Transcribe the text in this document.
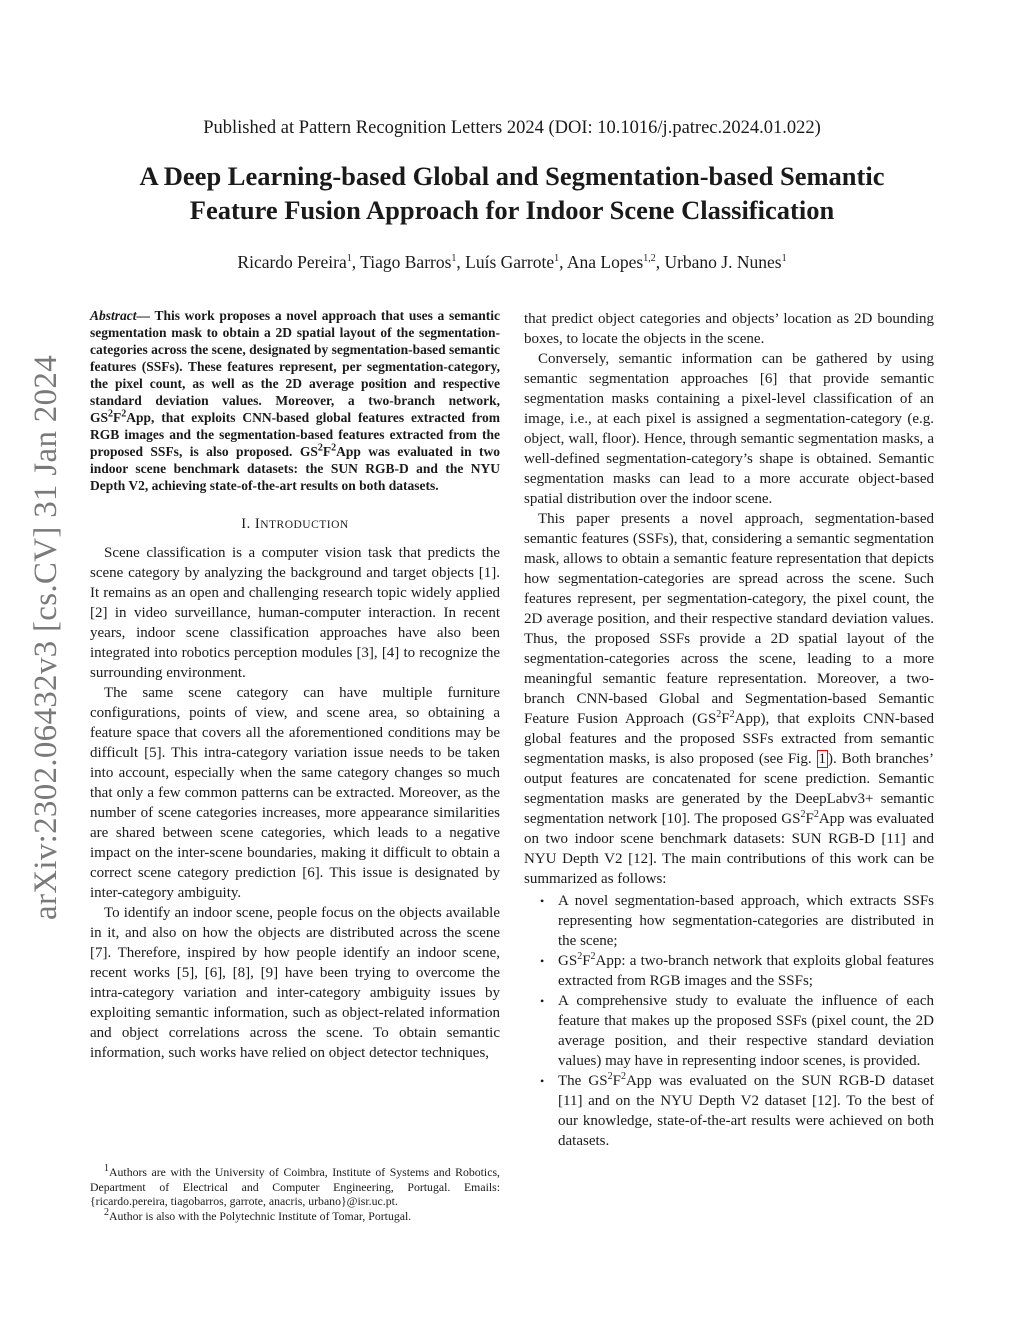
Published at Pattern Recognition Letters 2024 (DOI: 10.1016/j.patrec.2024.01.022)
A Deep Learning-based Global and Segmentation-based Semantic
Feature Fusion Approach for Indoor Scene Classification
Ricardo Pereira$^1$, Tiago Barros$^1$, Luís Garrote$^1$, Ana Lopes$^{1,2}$, Urbano J. Nunes$^1$
arXiv:2302.06432v3 [cs.CV] 31 Jan 2024

Abstract— This work proposes a novel approach that uses a semantic segmentation mask to obtain a 2D spatial layout of the segmentation-categories across the scene, designated by segmentation-based semantic features (SSFs). These features represent, per segmentation-category, the pixel count, as well as the 2D average position and respective standard deviation values. Moreover, a two-branch network, $GS^2F^2App$, that exploits CNN-based global features extracted from RGB images and the segmentation-based features extracted from the proposed SSFs, is also proposed. $GS^2F^2App$ was evaluated in two indoor scene benchmark datasets: the SUN RGB-D and the NYU Depth V2, achieving state-of-the-art results on both datasets.

I. INTRODUCTION

Scene classification is a computer vision task that predicts the scene category by analyzing the background and target objects [1]. It remains as an open and challenging research topic widely applied [2] in video surveillance, human-computer interaction. In recent years, indoor scene classification approaches have also been integrated into robotics perception modules [3], [4] to recognize the surrounding environment.

The same scene category can have multiple furniture configurations, points of view, and scene area, so obtaining a feature space that covers all the aforementioned conditions may be difficult [5]. This intra-category variation issue needs to be taken into account, especially when the same category changes so much that only a few common patterns can be extracted. Moreover, as the number of scene categories increases, more appearance similarities are shared between scene categories, which leads to a negative impact on the inter-scene boundaries, making it difficult to obtain a correct scene category prediction [6]. This issue is designated by inter-category ambiguity.

To identify an indoor scene, people focus on the objects available in it, and also on how the objects are distributed across the scene [7]. Therefore, inspired by how people identify an indoor scene, recent works [5], [6], [8], [9] have been trying to overcome the intra-category variation and inter-category ambiguity issues by exploiting semantic information, such as object-related information and object correlations across the scene. To obtain semantic information, such works have relied on object detector techniques,

$^1$Authors are with the University of Coimbra, Institute of Systems and Robotics, Department of Electrical and Computer Engineering, Portugal. Emails: {ricardo.pereira, tiagobarros, garrote, anacris, urbano}@isr.uc.pt.

$^2$Author is also with the Polytechnic Institute of Tomar, Portugal.

that predict object categories and objects’ location as 2D bounding boxes, to locate the objects in the scene.

Conversely, semantic information can be gathered by using semantic segmentation approaches [6] that provide semantic segmentation masks containing a pixel-level classification of an image, i.e., at each pixel is assigned a segmentation-category (e.g. object, wall, floor). Hence, through semantic segmentation masks, a well-defined segmentation-category’s shape is obtained. Semantic segmentation masks can lead to a more accurate object-based spatial distribution over the indoor scene.

This paper presents a novel approach, segmentation-based semantic features (SSFs), that, considering a semantic segmentation mask, allows to obtain a semantic feature representation that depicts how segmentation-categories are spread across the scene. Such features represent, per segmentation-category, the pixel count, the 2D average position, and their respective standard deviation values. Thus, the proposed SSFs provide a 2D spatial layout of the segmentation-categories across the scene, leading to a more meaningful semantic feature representation. Moreover, a two-branch CNN-based Global and Segmentation-based Semantic Feature Fusion Approach $(GS^2F^2App)$, that exploits CNN-based global features and the proposed SSFs extracted from semantic segmentation masks, is also proposed (see Fig. 1 ). Both branches’ output features are concatenated for scene prediction. Semantic segmentation masks are generated by the DeepLabv3+ semantic segmentation network [10]. The proposed $GS^2F^2App$ was evaluated on two indoor scene benchmark datasets: SUN RGB-D [11] and NYU Depth V2 [12]. The main contributions of this work can be summarized as follows:

• A novel segmentation-based approach, which extracts SSFs representing how segmentation-categories are distributed in the scene;
• $GS^2F^2App$: a two-branch network that exploits global features extracted from RGB images and the SSFs;
• A comprehensive study to evaluate the influence of each feature that makes up the proposed SSFs (pixel count, the 2D average position, and their respective standard deviation values) may have in representing indoor scenes, is provided.
• The $GS^2F^2App$ was evaluated on the SUN RGB-D dataset [11] and on the NYU Depth V2 dataset [12]. To the best of our knowledge, state-of-the-art results were achieved on both datasets.
